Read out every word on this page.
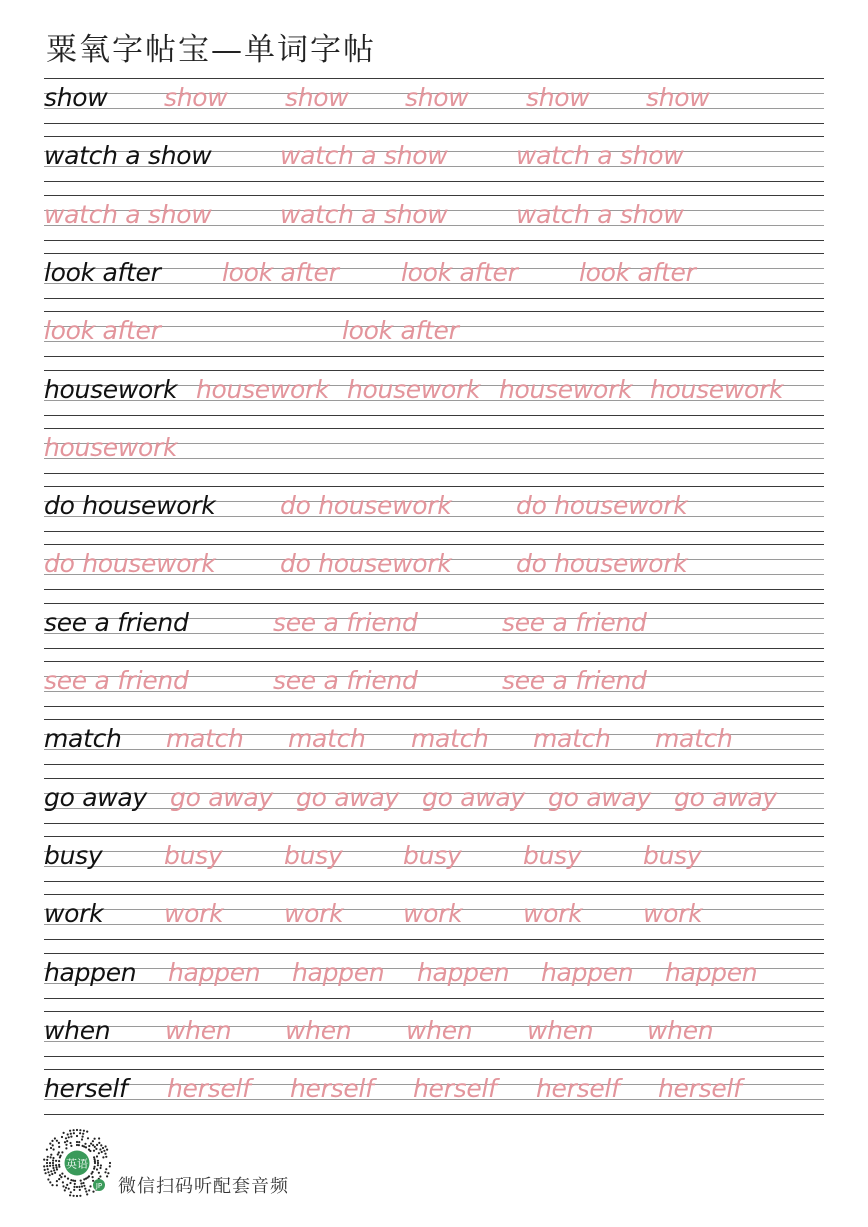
粟氧字帖宝—单词字帖
show show show show show show
watch a show	watch a show	watch a show
watch a show	watch a show	watch a show
look after look after look after look after
look after	look after
housework housework housework housework housework
housework
do housework	do housework	do housework
do housework	do housework	do housework
see a friend	see a friend	see a friend
see a friend	see a friend	see a friend
match match match match match match
go away go away go away go away go away go away
busy busy busy busy busy busy
work work work work work work
happen happen happen happen happen happen
when when when when when when
herself herself herself herself herself herself
英语
JP 微信扫码听配套音频
